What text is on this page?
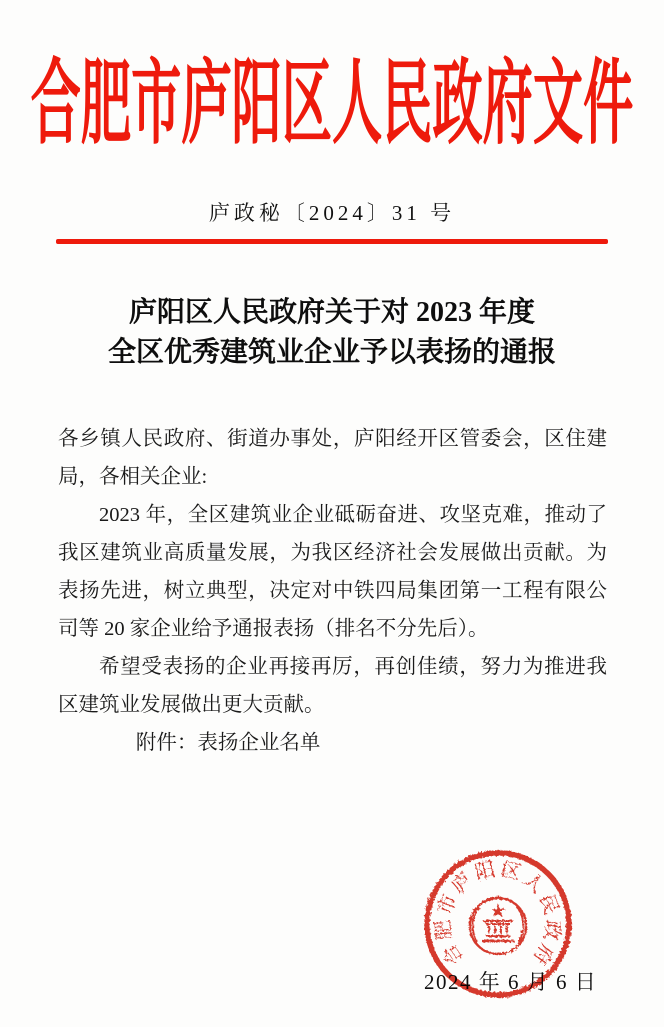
合肥市庐阳区人民政府文件
庐政秘〔2024〕31 号
庐阳区人民政府关于对 2023 年度
全区优秀建筑业企业予以表扬的通报

各乡镇人民政府、街道办事处，庐阳经开区管委会，区住建局，各相关企业:

2023 年，全区建筑业企业砥砺奋进、攻坚克难，推动了我区建筑业高质量发展，为我区经济社会发展做出贡献。为表扬先进，树立典型，决定对中铁四局集团第一工程有限公司等 20 家企业给予通报表扬（排名不分先后）。

希望受表扬的企业再接再厉，再创佳绩，努力为推进我区建筑业发展做出更大贡献。

附件：表扬企业名单

2024 年 6 月 6 日
合
肥
市
庐
阳 区
人
民
政
府
